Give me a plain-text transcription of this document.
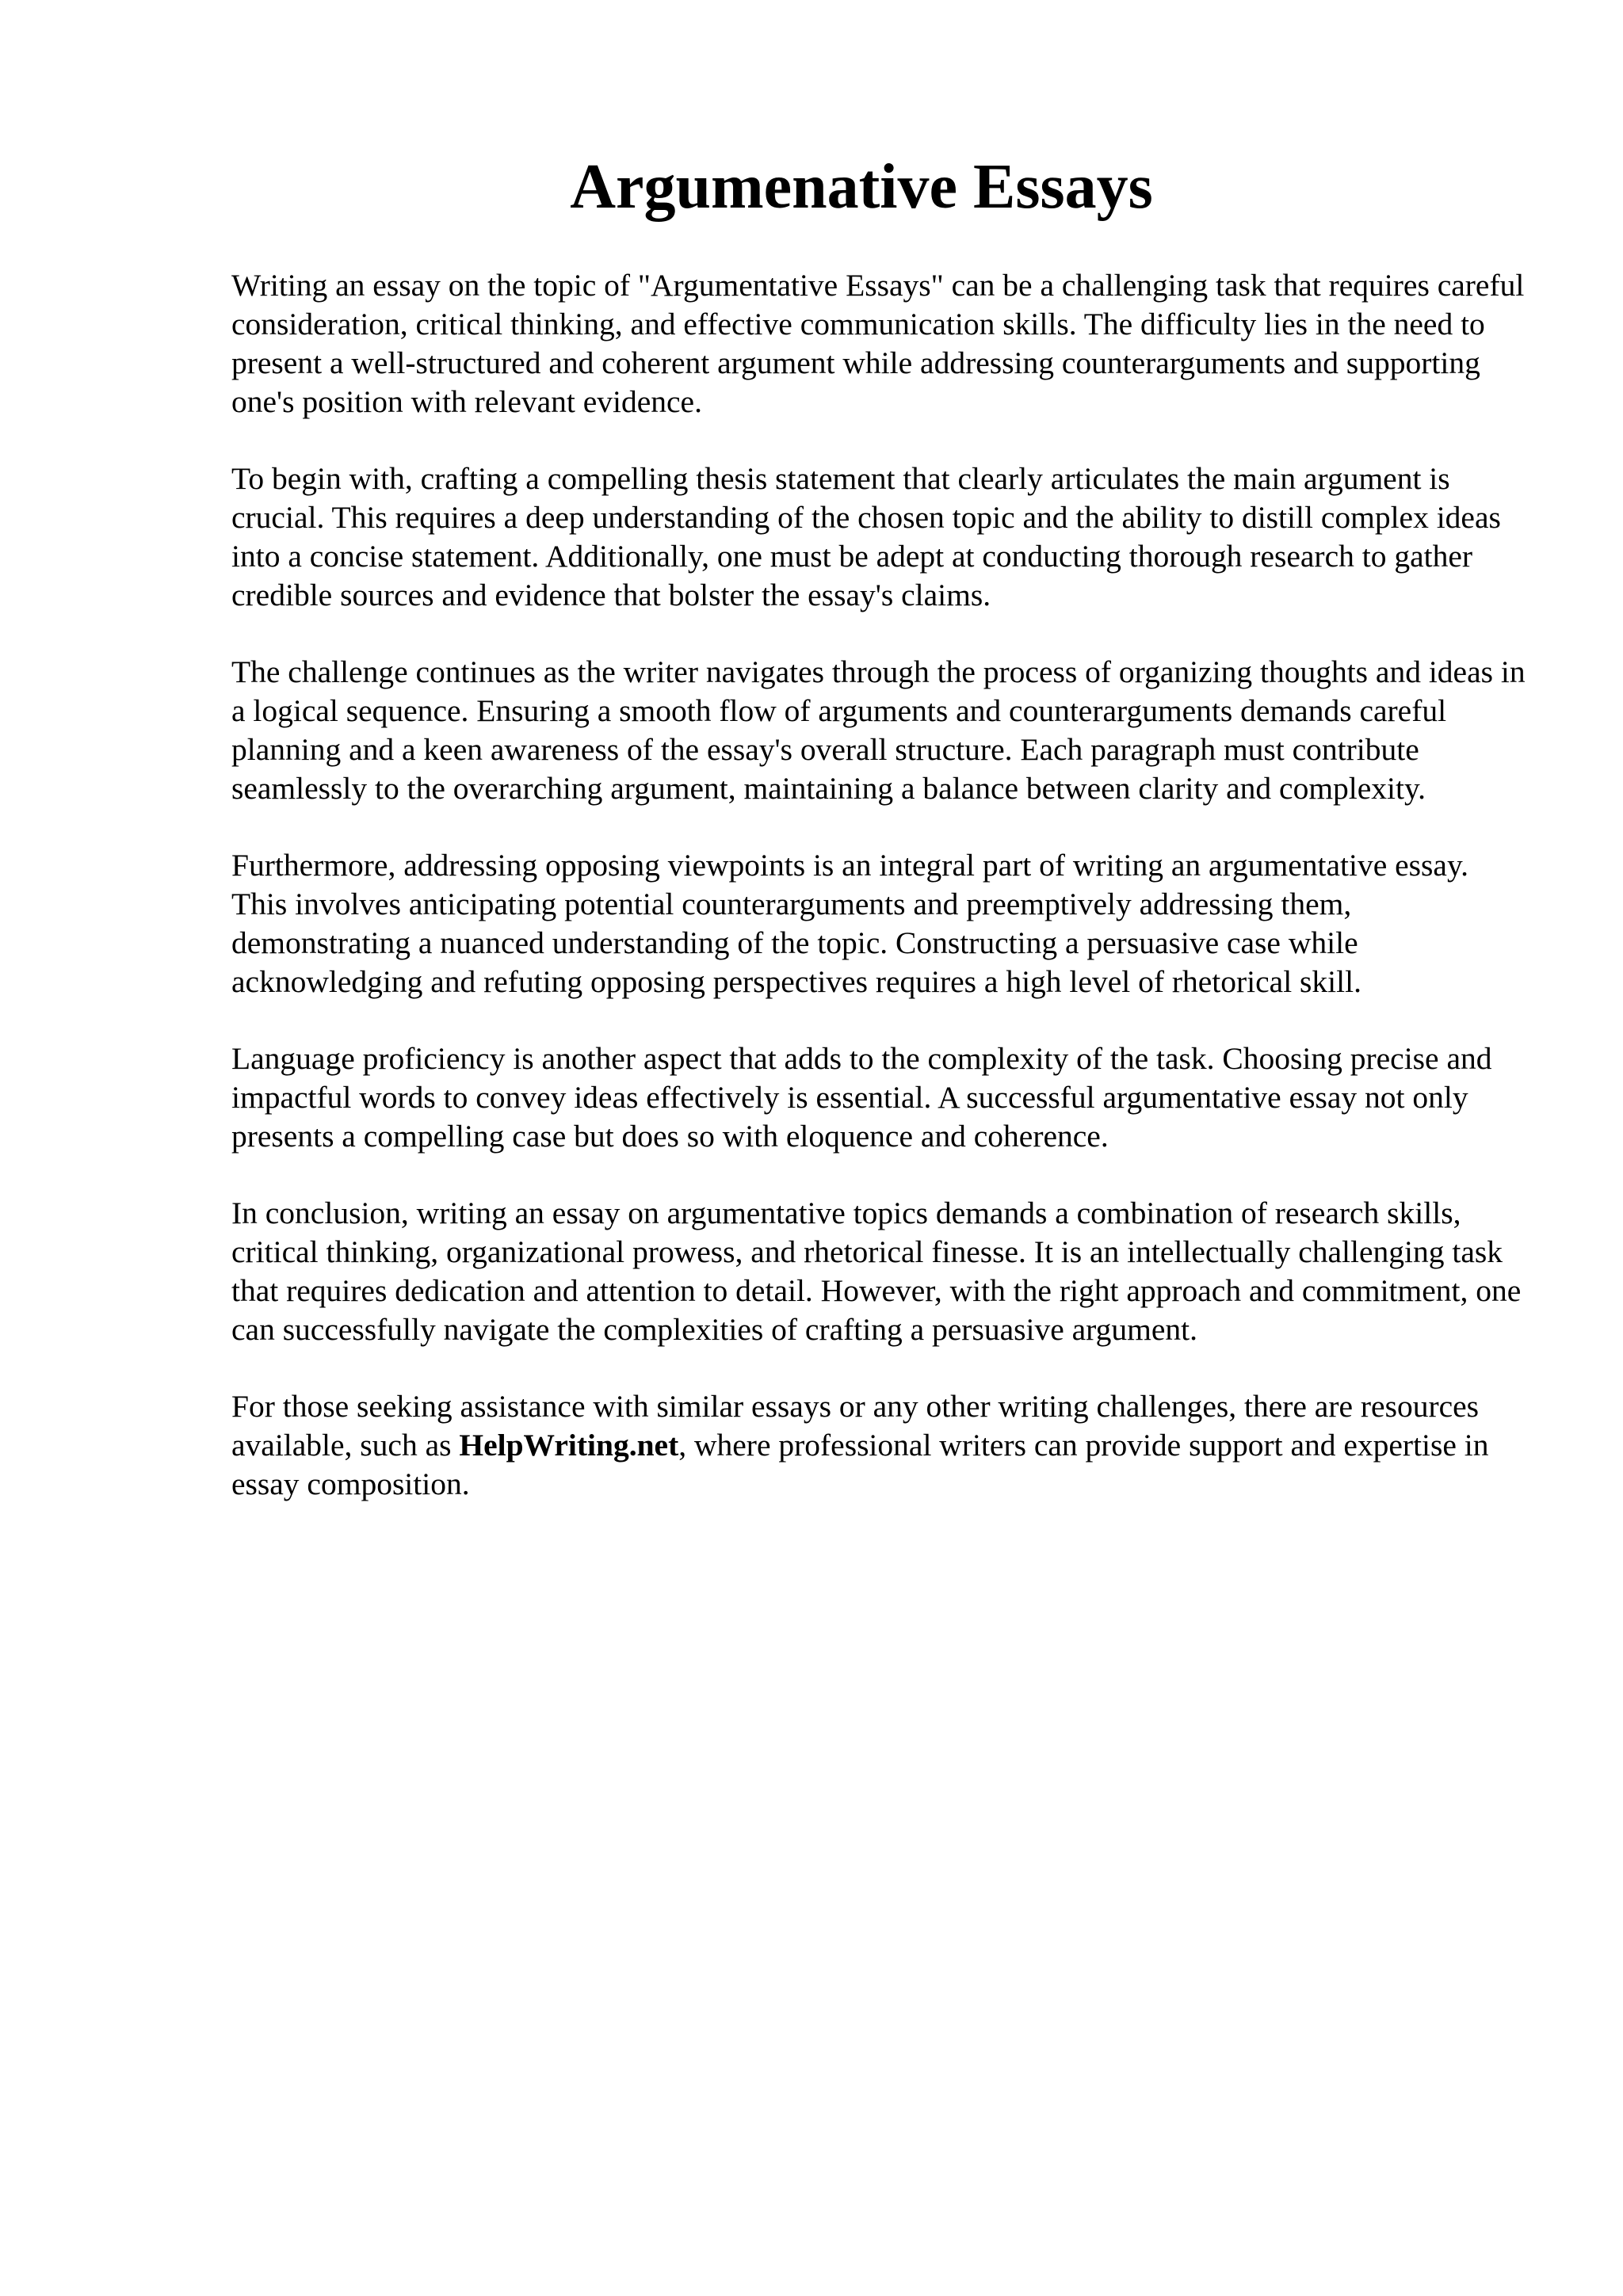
Argumenative Essays

Writing an essay on the topic of "Argumentative Essays" can be a challenging task that requires careful consideration, critical thinking, and effective communication skills. The difficulty lies in the need to present a well-structured and coherent argument while addressing counterarguments and supporting one's position with relevant evidence.

To begin with, crafting a compelling thesis statement that clearly articulates the main argument is crucial. This requires a deep understanding of the chosen topic and the ability to distill complex ideas into a concise statement. Additionally, one must be adept at conducting thorough research to gather credible sources and evidence that bolster the essay's claims.

The challenge continues as the writer navigates through the process of organizing thoughts and ideas in a logical sequence. Ensuring a smooth flow of arguments and counterarguments demands careful planning and a keen awareness of the essay's overall structure. Each paragraph must contribute seamlessly to the overarching argument, maintaining a balance between clarity and complexity.

Furthermore, addressing opposing viewpoints is an integral part of writing an argumentative essay. This involves anticipating potential counterarguments and preemptively addressing them, demonstrating a nuanced understanding of the topic. Constructing a persuasive case while acknowledging and refuting opposing perspectives requires a high level of rhetorical skill.

Language proficiency is another aspect that adds to the complexity of the task. Choosing precise and impactful words to convey ideas effectively is essential. A successful argumentative essay not only presents a compelling case but does so with eloquence and coherence.

In conclusion, writing an essay on argumentative topics demands a combination of research skills, critical thinking, organizational prowess, and rhetorical finesse. It is an intellectually challenging task that requires dedication and attention to detail. However, with the right approach and commitment, one can successfully navigate the complexities of crafting a persuasive argument.

For those seeking assistance with similar essays or any other writing challenges, there are resources available, such as HelpWriting.net, where professional writers can provide support and expertise in essay composition.
